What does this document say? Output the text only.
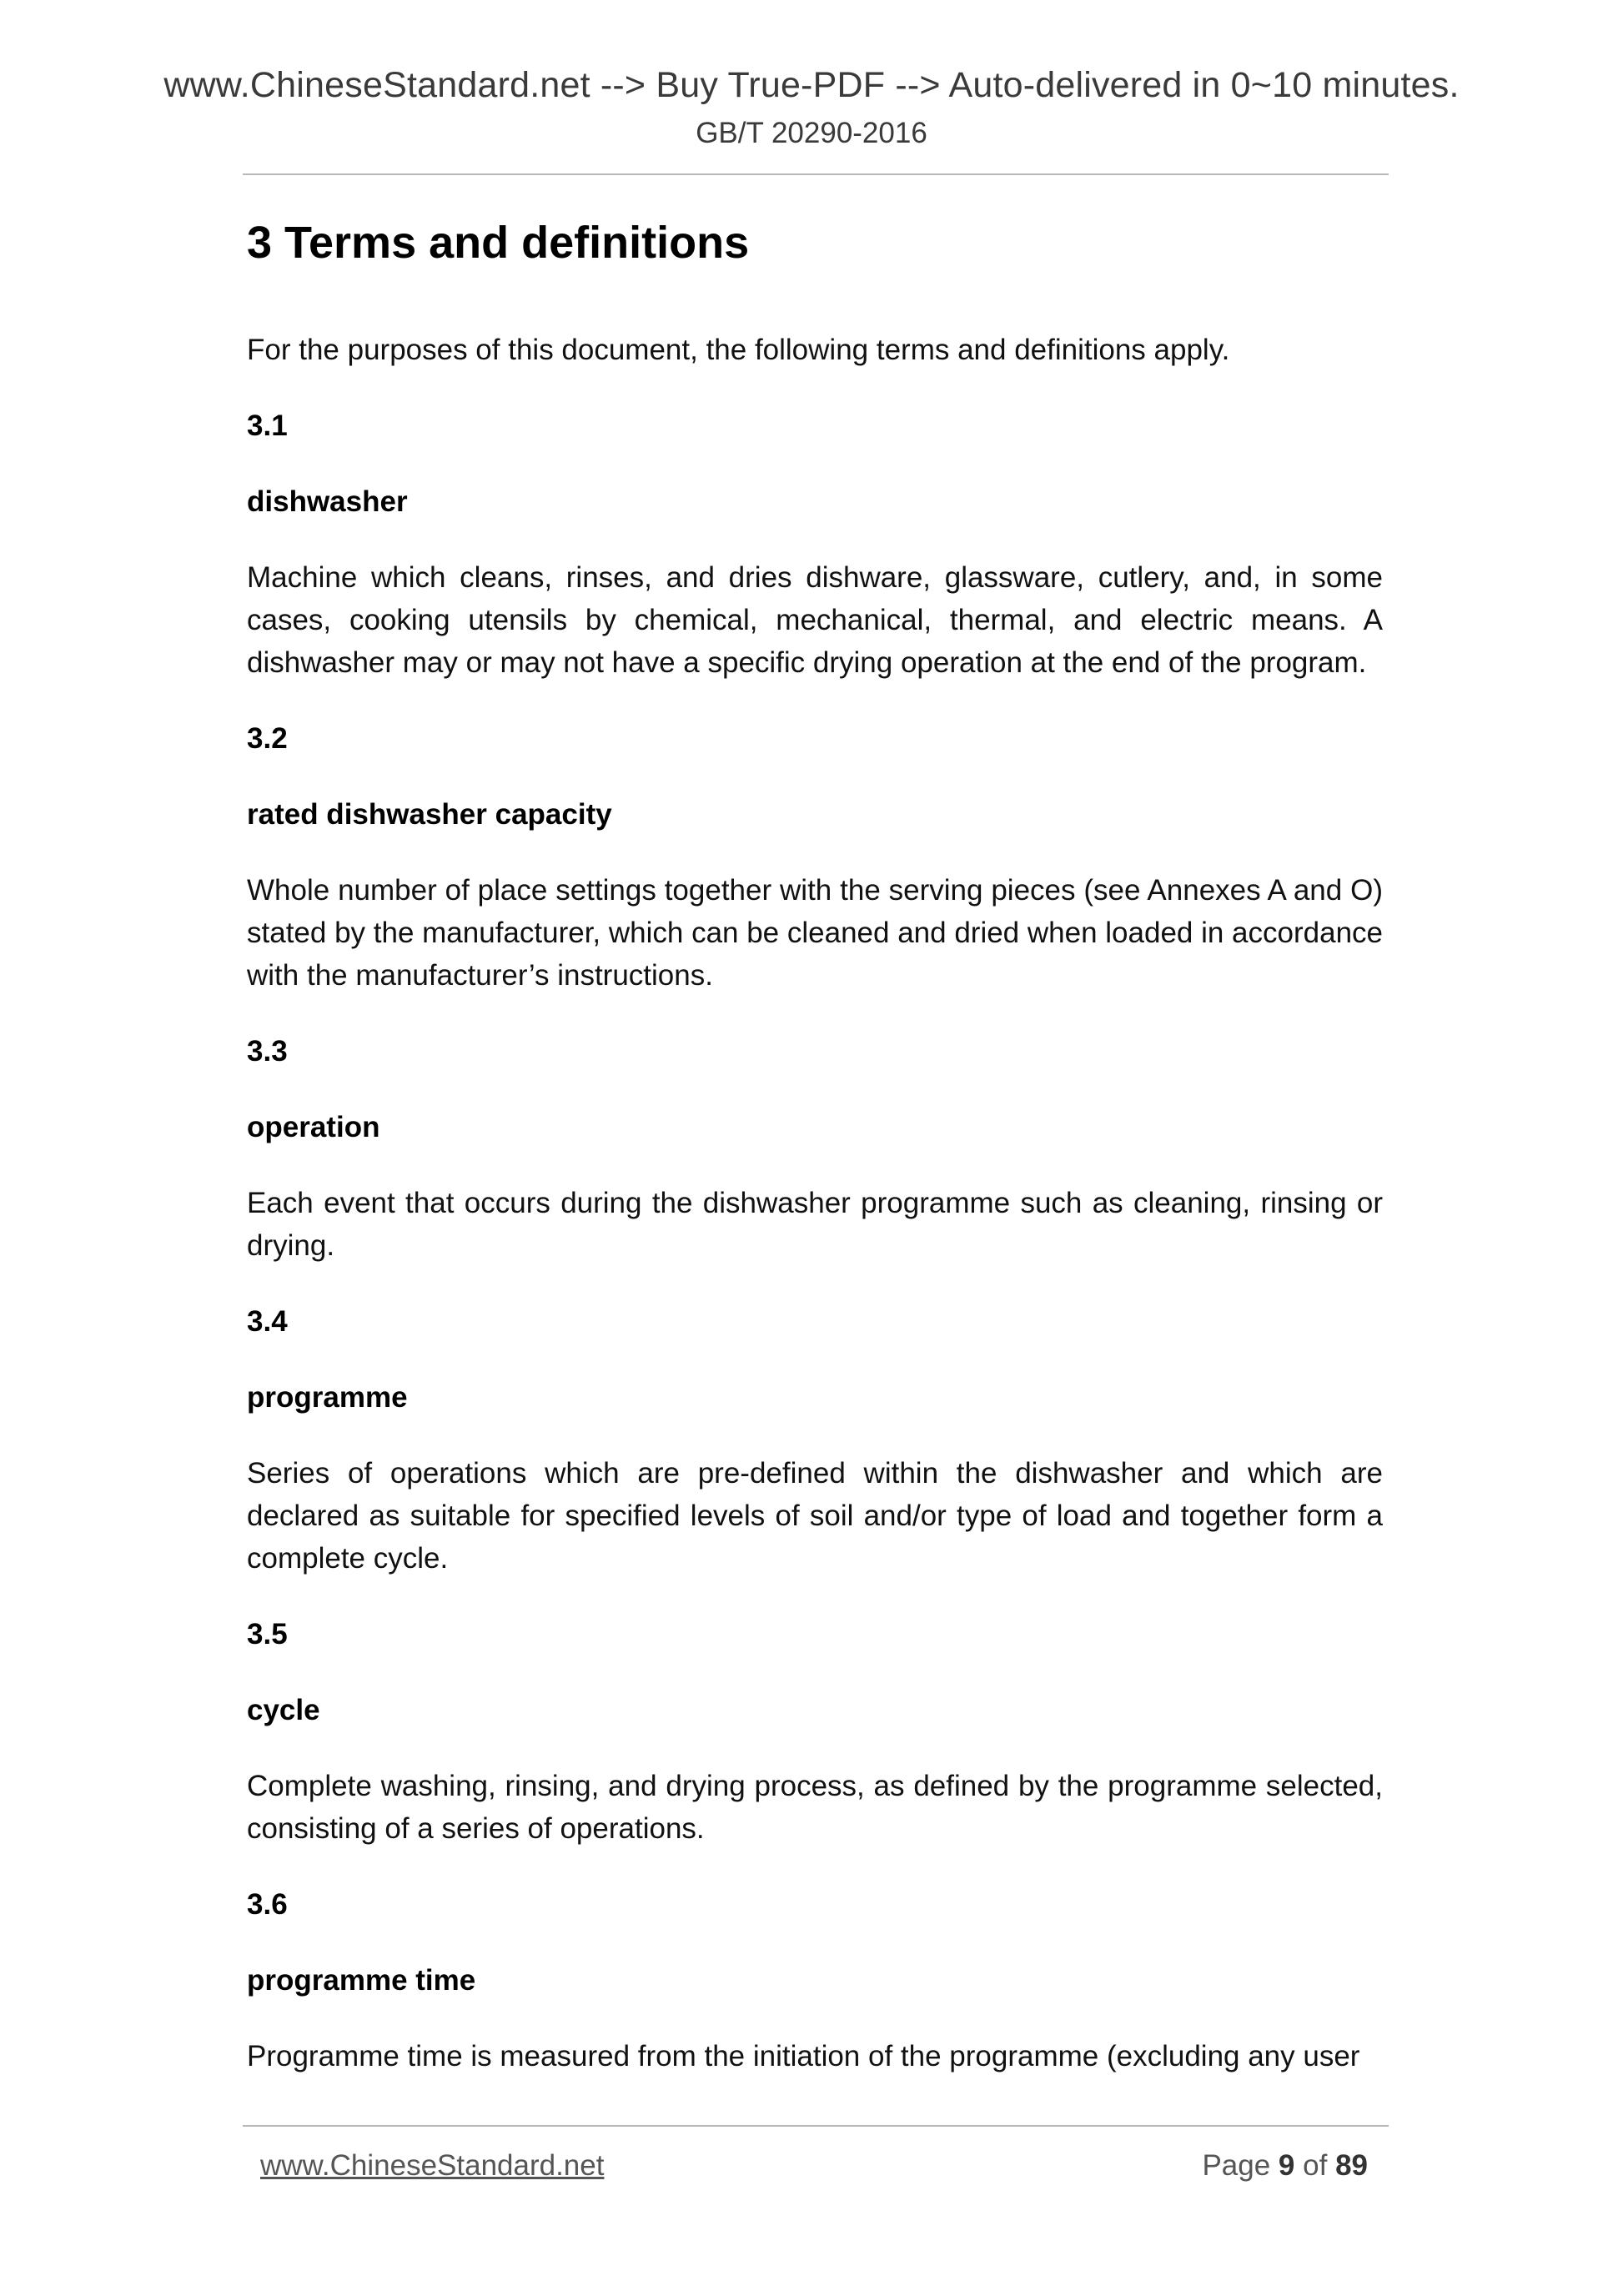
www.ChineseStandard.net --> Buy True-PDF --> Auto-delivered in 0~10 minutes.
GB/T 20290-2016
3 Terms and definitions

For the purposes of this document, the following terms and definitions apply.

3.1

dishwasher

Machine which cleans, rinses, and dries dishware, glassware, cutlery, and, in some cases, cooking utensils by chemical, mechanical, thermal, and electric means. A dishwasher may or may not have a specific drying operation at the end of the program.

3.2

rated dishwasher capacity

Whole number of place settings together with the serving pieces (see Annexes A and O) stated by the manufacturer, which can be cleaned and dried when loaded in accordance with the manufacturer’s instructions.

3.3

operation

Each event that occurs during the dishwasher programme such as cleaning, rinsing or drying.

3.4

programme

Series of operations which are pre-defined within the dishwasher and which are declared as suitable for specified levels of soil and/or type of load and together form a complete cycle.

3.5

cycle

Complete washing, rinsing, and drying process, as defined by the programme selected, consisting of a series of operations.

3.6

programme time

Programme time is measured from the initiation of the programme (excluding any user

www.ChineseStandard.net	Page 9 of 89
